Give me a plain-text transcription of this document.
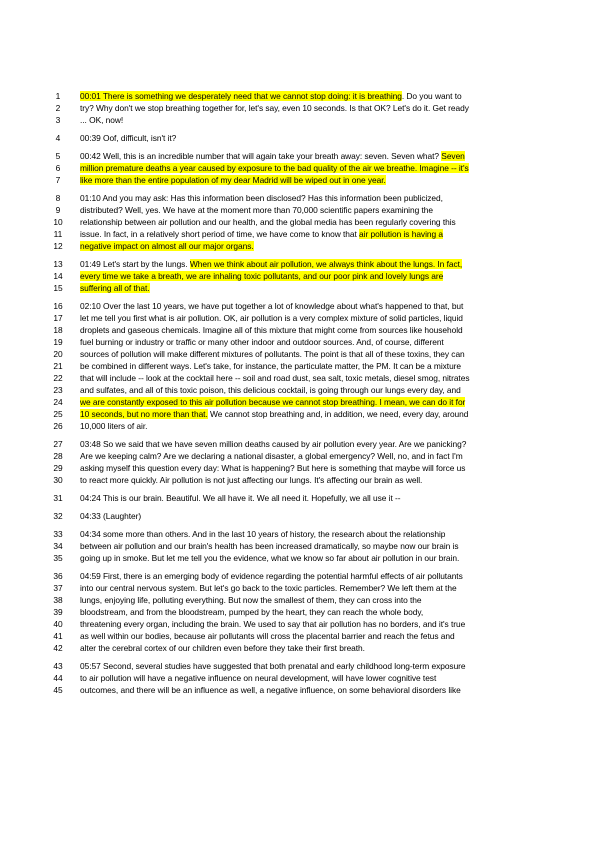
1	00:01 There is something we desperately need that we cannot stop doing: it is breathing. Do you want to
2	try? Why don't we stop breathing together for, let's say, even 10 seconds. Is that OK? Let's do it. Get ready
3	... OK, now!
4	00:39 Oof, difficult, isn't it?
5	00:42 Well, this is an incredible number that will again take your breath away: seven. Seven what? Seven
6	million premature deaths a year caused by exposure to the bad quality of the air we breathe. Imagine -- it's
7	like more than the entire population of my dear Madrid will be wiped out in one year.
8	01:10 And you may ask: Has this information been disclosed? Has this information been publicized,
9	distributed? Well, yes. We have at the moment more than 70,000 scientific papers examining the
10	relationship between air pollution and our health, and the global media has been regularly covering this
11	issue. In fact, in a relatively short period of time, we have come to know that air pollution is having a
12	negative impact on almost all our major organs.
13	01:49 Let's start by the lungs. When we think about air pollution, we always think about the lungs. In fact,
14	every time we take a breath, we are inhaling toxic pollutants, and our poor pink and lovely lungs are
15	suffering all of that.
16	02:10 Over the last 10 years, we have put together a lot of knowledge about what's happened to that, but
17	let me tell you first what is air pollution. OK, air pollution is a very complex mixture of solid particles, liquid
18	droplets and gaseous chemicals. Imagine all of this mixture that might come from sources like household
19	fuel burning or industry or traffic or many other indoor and outdoor sources. And, of course, different
20	sources of pollution will make different mixtures of pollutants. The point is that all of these toxins, they can
21	be combined in different ways. Let's take, for instance, the particulate matter, the PM. It can be a mixture
22	that will include -- look at the cocktail here -- soil and road dust, sea salt, toxic metals, diesel smog, nitrates
23	and sulfates, and all of this toxic poison, this delicious cocktail, is going through our lungs every day, and
24	we are constantly exposed to this air pollution because we cannot stop breathing. I mean, we can do it for
25	10 seconds, but no more than that. We cannot stop breathing and, in addition, we need, every day, around
26	10,000 liters of air.
27	03:48 So we said that we have seven million deaths caused by air pollution every year. Are we panicking?
28	Are we keeping calm? Are we declaring a national disaster, a global emergency? Well, no, and in fact I'm
29	asking myself this question every day: What is happening? But here is something that maybe will force us
30	to react more quickly. Air pollution is not just affecting our lungs. It's affecting our brain as well.
31	04:24 This is our brain. Beautiful. We all have it. We all need it. Hopefully, we all use it --
32	04:33 (Laughter)
33	04:34 some more than others. And in the last 10 years of history, the research about the relationship
34	between air pollution and our brain's health has been increased dramatically, so maybe now our brain is
35	going up in smoke. But let me tell you the evidence, what we know so far about air pollution in our brain.
36	04:59 First, there is an emerging body of evidence regarding the potential harmful effects of air pollutants
37	into our central nervous system. But let's go back to the toxic particles. Remember? We left them at the
38	lungs, enjoying life, polluting everything. But now the smallest of them, they can cross into the
39	bloodstream, and from the bloodstream, pumped by the heart, they can reach the whole body,
40	threatening every organ, including the brain. We used to say that air pollution has no borders, and it's true
41	as well within our bodies, because air pollutants will cross the placental barrier and reach the fetus and
42	alter the cerebral cortex of our children even before they take their first breath.
43	05:57 Second, several studies have suggested that both prenatal and early childhood long-term exposure
44	to air pollution will have a negative influence on neural development, will have lower cognitive test
45	outcomes, and there will be an influence as well, a negative influence, on some behavioral disorders like
